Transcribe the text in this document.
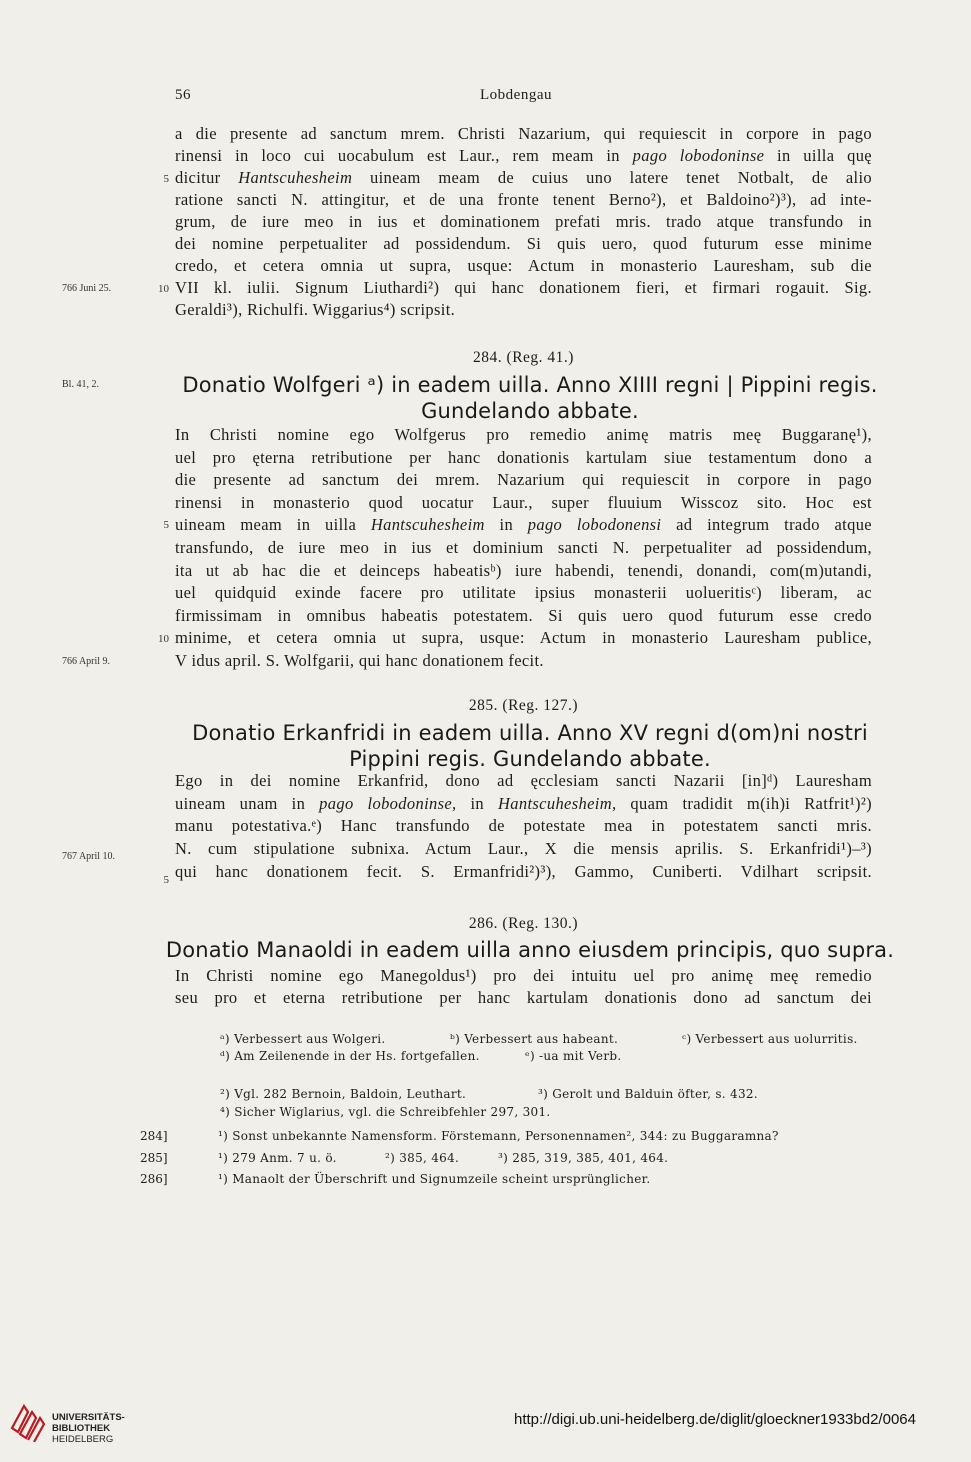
56	Lobdengau
a die presente ad sanctum mrem. Christi Nazarium, qui requiescit in corpore in pago
rinensi in loco cui uocabulum est Laur., rem meam in pago lobodoninse in uilla quę
dicitur Hantscuhesheim uineam meam de cuius uno latere tenet Notbalt, de alio
ratione sancti N. attingitur, et de una fronte tenent Berno²), et Baldoino²)³), ad inte-
grum, de iure meo in ius et dominationem prefati mris. trado atque transfundo in
dei nomine perpetualiter ad possidendum. Si quis uero, quod futurum esse minime
credo, et cetera omnia ut supra, usque: Actum in monasterio Lauresham, sub die
VII kl. iulii. Signum Liuthardi²) qui hanc donationem fieri, et firmari rogauit. Sig.
Geraldi³), Richulfi. Wiggarius⁴) scripsit.
5
10
766 Juni 25.
284. (Reg. 41.)
Bl. 41, 2.	Donatio Wolfgeri ᵃ) in eadem uilla. Anno XIIII regni | Pippini regis.
Gundelando abbate.
In Christi nomine ego Wolfgerus pro remedio animę matris meę Buggaranę¹),
uel pro ęterna retributione per hanc donationis kartulam siue testamentum dono a
die presente ad sanctum dei mrem. Nazarium qui requiescit in corpore in pago
rinensi in monasterio quod uocatur Laur., super fluuium Wisscoz sito. Hoc est
uineam meam in uilla Hantscuhesheim in pago lobodonensi ad integrum trado atque
transfundo, de iure meo in ius et dominium sancti N. perpetualiter ad possidendum,
ita ut ab hac die et deinceps habeatisᵇ) iure habendi, tenendi, donandi, com(m)utandi,
uel quidquid exinde facere pro utilitate ipsius monasterii uolueritisᶜ) liberam, ac
firmissimam in omnibus habeatis potestatem. Si quis uero quod futurum esse credo
minime, et cetera omnia ut supra, usque: Actum in monasterio Lauresham publice,
V idus april. S. Wolfgarii, qui hanc donationem fecit.
5
10
766 April 9.
285. (Reg. 127.)
Donatio Erkanfridi in eadem uilla. Anno XV regni d(om)ni nostri
Pippini regis. Gundelando abbate.
Ego in dei nomine Erkanfrid, dono ad ęcclesiam sancti Nazarii [in]ᵈ) Lauresham
uineam unam in pago lobodoninse, in Hantscuhesheim, quam tradidit m(ih)i Ratfrit¹)²)
manu potestativa.ᵉ) Hanc transfundo de potestate mea in potestatem sancti mris.
N. cum stipulatione subnixa. Actum Laur., X die mensis aprilis. S. Erkanfridi¹)–³)
qui hanc donationem fecit. S. Ermanfridi²)³), Gammo, Cuniberti. Vdilhart scripsit.
5
767 April 10.
286. (Reg. 130.)
Donatio Manaoldi in eadem uilla anno eiusdem principis, quo supra.
In Christi nomine ego Manegoldus¹) pro dei intuitu uel pro animę meę remedio
seu pro et eterna retributione per hanc kartulam donationis dono ad sanctum dei
ᵃ) Verbessert aus Wolgeri.	ᵇ) Verbessert aus habeant.	ᶜ) Verbessert aus uolurritis.
ᵈ) Am Zeilenende in der Hs. fortgefallen.	ᵉ) -ua mit Verb.
²) Vgl. 282 Bernoin, Baldoin, Leuthart.	³) Gerolt und Balduin öfter, s. 432.
⁴) Sicher Wiglarius, vgl. die Schreibfehler 297, 301.
284]	¹) Sonst unbekannte Namensform. Förstemann, Personennamen², 344: zu Buggaramna?
285]	¹) 279 Anm. 7 u. ö.	²) 385, 464.	³) 285, 319, 385, 401, 464.
286]	¹) Manaolt der Überschrift und Signumzeile scheint ursprünglicher.
UNIVERSITÄTS-
BIBLIOTHEK
HEIDELBERG
http://digi.ub.uni-heidelberg.de/diglit/gloeckner1933bd2/0064
